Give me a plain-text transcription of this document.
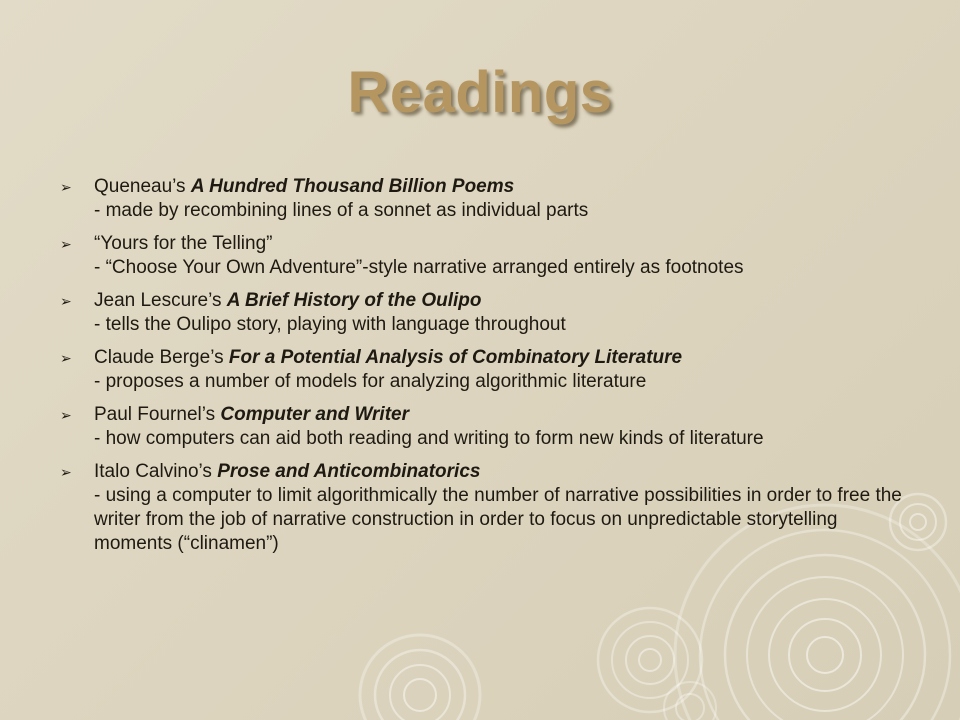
Readings
➢ Queneau’s A Hundred Thousand Billion Poems
- made by recombining lines of a sonnet as individual parts
➢ “Yours for the Telling”
- “Choose Your Own Adventure”-style narrative arranged entirely as footnotes
➢ Jean Lescure’s A Brief History of the Oulipo
- tells the Oulipo story, playing with language throughout
➢ Claude Berge’s For a Potential Analysis of Combinatory Literature
- proposes a number of models for analyzing algorithmic literature
➢ Paul Fournel’s Computer and Writer
- how computers can aid both reading and writing to form new kinds of literature
➢ Italo Calvino’s Prose and Anticombinatorics
- using a computer to limit algorithmically the number of narrative possibilities in order to free the writer from the job of narrative construction in order to focus on unpredictable storytelling moments (“clinamen”)
